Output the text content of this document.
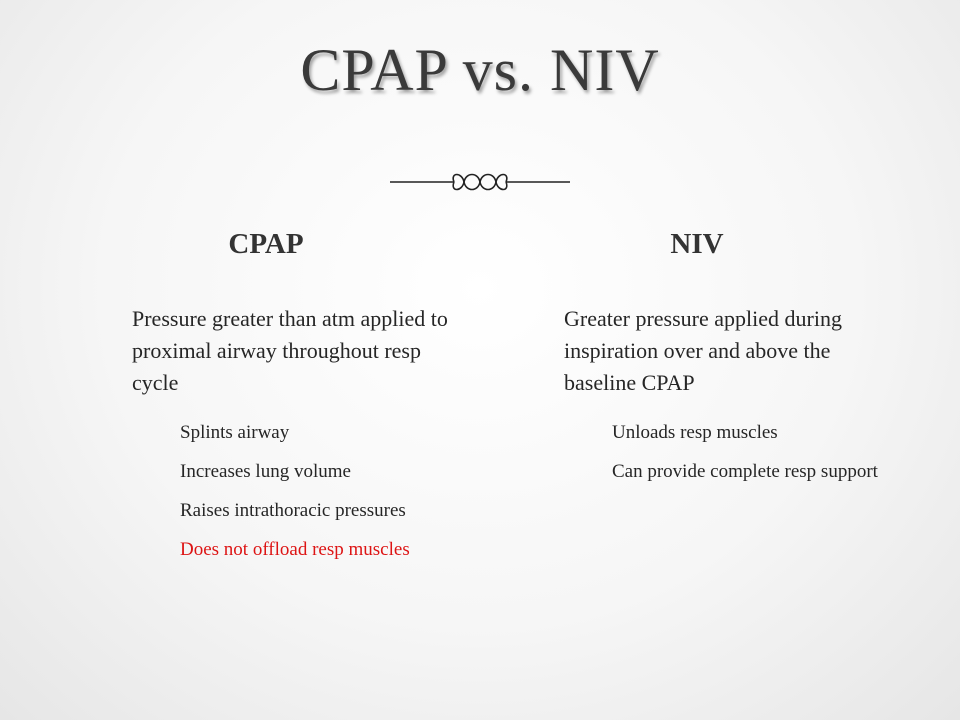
CPAP vs. NIV
CPAP	NIV
Pressure greater than atm applied to proximal airway throughout resp cycle
Splints airway
Increases lung volume
Raises intrathoracic pressures
Does not offload resp muscles
Greater pressure applied during inspiration over and above the baseline CPAP
Unloads resp muscles
Can provide complete resp support
